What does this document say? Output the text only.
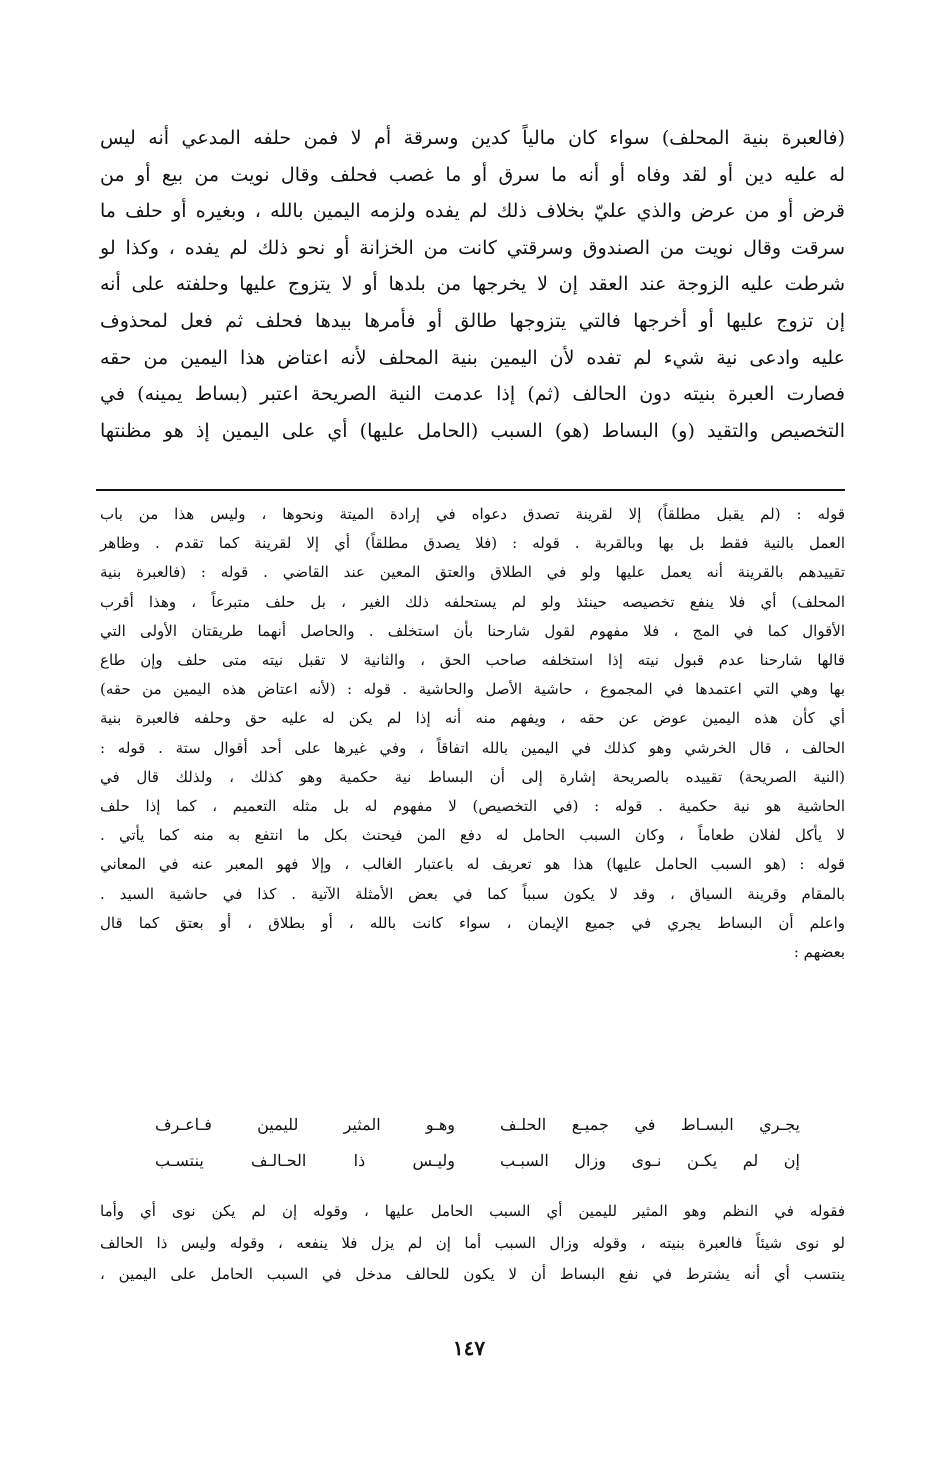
(فالعبرة بنية المحلف) سواء كان مالياً كدين وسرقة أم لا فمن حلفه المدعي أنه ليس

له عليه دين أو لقد وفاه أو أنه ما سرق أو ما غصب فحلف وقال نويت من بيع أو من

قرض أو من عرض والذي عليّ بخلاف ذلك لم يفده ولزمه اليمين بالله ، وبغيره أو حلف ما

سرقت وقال نويت من الصندوق وسرقتي كانت من الخزانة أو نحو ذلك لم يفده ، وكذا لو

شرطت عليه الزوجة عند العقد إن لا يخرجها من بلدها أو لا يتزوج عليها وحلفته على أنه

إن تزوج عليها أو أخرجها فالتي يتزوجها طالق أو فأمرها بيدها فحلف ثم فعل لمحذوف

عليه وادعى نية شيء لم تفده لأن اليمين بنية المحلف لأنه اعتاض هذا اليمين من حقه

فصارت العبرة بنيته دون الحالف (ثم) إذا عدمت النية الصريحة اعتبر (بساط يمينه) في

التخصيص والتقيد (و) البساط (هو) السبب (الحامل عليها) أي على اليمين إذ هو مظنتها

قوله : (لم يقبل مطلقاً) إلا لقرينة تصدق دعواه في إرادة الميتة ونحوها ، وليس هذا من باب
العمل بالنية فقط بل بها وبالقربة . قوله : (فلا يصدق مطلقاً) أي إلا لقرينة كما تقدم . وظاهر
تقييدهم بالقرينة أنه يعمل عليها ولو في الطلاق والعتق المعين عند القاضي . قوله : (فالعبرة بنية
المحلف) أي فلا ينفع تخصيصه حينئذ ولو لم يستحلفه ذلك الغير ، بل حلف متبرعاً ، وهذا أقرب
الأقوال كما في المج ، فلا مفهوم لقول شارحنا بأن استخلف . والحاصل أنهما طريقتان الأولى التي
قالها شارحنا عدم قبول نيته إذا استخلفه صاحب الحق ، والثانية لا تقبل نيته متى حلف وإن طاع
بها وهي التي اعتمدها في المجموع ، حاشية الأصل والحاشية . قوله : (لأنه اعتاض هذه اليمين من حقه)
أي كأن هذه اليمين عوض عن حقه ، ويفهم منه أنه إذا لم يكن له عليه حق وحلفه فالعبرة بنية
الحالف ، قال الخرشي وهو كذلك في اليمين بالله اتفاقاً ، وفي غيرها على أحد أقوال ستة . قوله :
(النية الصريحة) تقييده بالصريحة إشارة إلى أن البساط نية حكمية وهو كذلك ، ولذلك قال في
الحاشية هو نية حكمية . قوله : (في التخصيص) لا مفهوم له بل مثله التعميم ، كما إذا حلف
لا يأكل لفلان طعاماً ، وكان السبب الحامل له دفع المن فيحنث بكل ما انتفع به منه كما يأتي .
قوله : (هو السبب الحامل عليها) هذا هو تعريف له باعتبار الغالب ، وإلا فهو المعبر عنه في المعاني
بالمقام وقرينة السياق ، وقد لا يكون سبباً كما في بعض الأمثلة الآتية . كذا في حاشية السيد .
واعلم أن البساط يجري في جميع الإيمان ، سواء كانت بالله ، أو بطلاق ، أو بعتق كما قال
بعضهم :
يجـري البسـاط في جميـع الحلـف
وهـو المثير لليمين فـاعـرف
إن لم يكـن نـوى وزال السبـب
وليـس ذا الحـالـف ينتسـب
فقوله في النظم وهو المثير لليمين أي السبب الحامل عليها ، وقوله إن لم يكن نوى أي وأما
لو نوى شيئاً فالعبرة بنيته ، وقوله وزال السبب أما إن لم يزل فلا ينفعه ، وقوله وليس ذا الحالف
ينتسب أي أنه يشترط في نفع البساط أن لا يكون للحالف مدخل في السبب الحامل على اليمين ،
١٤٧
